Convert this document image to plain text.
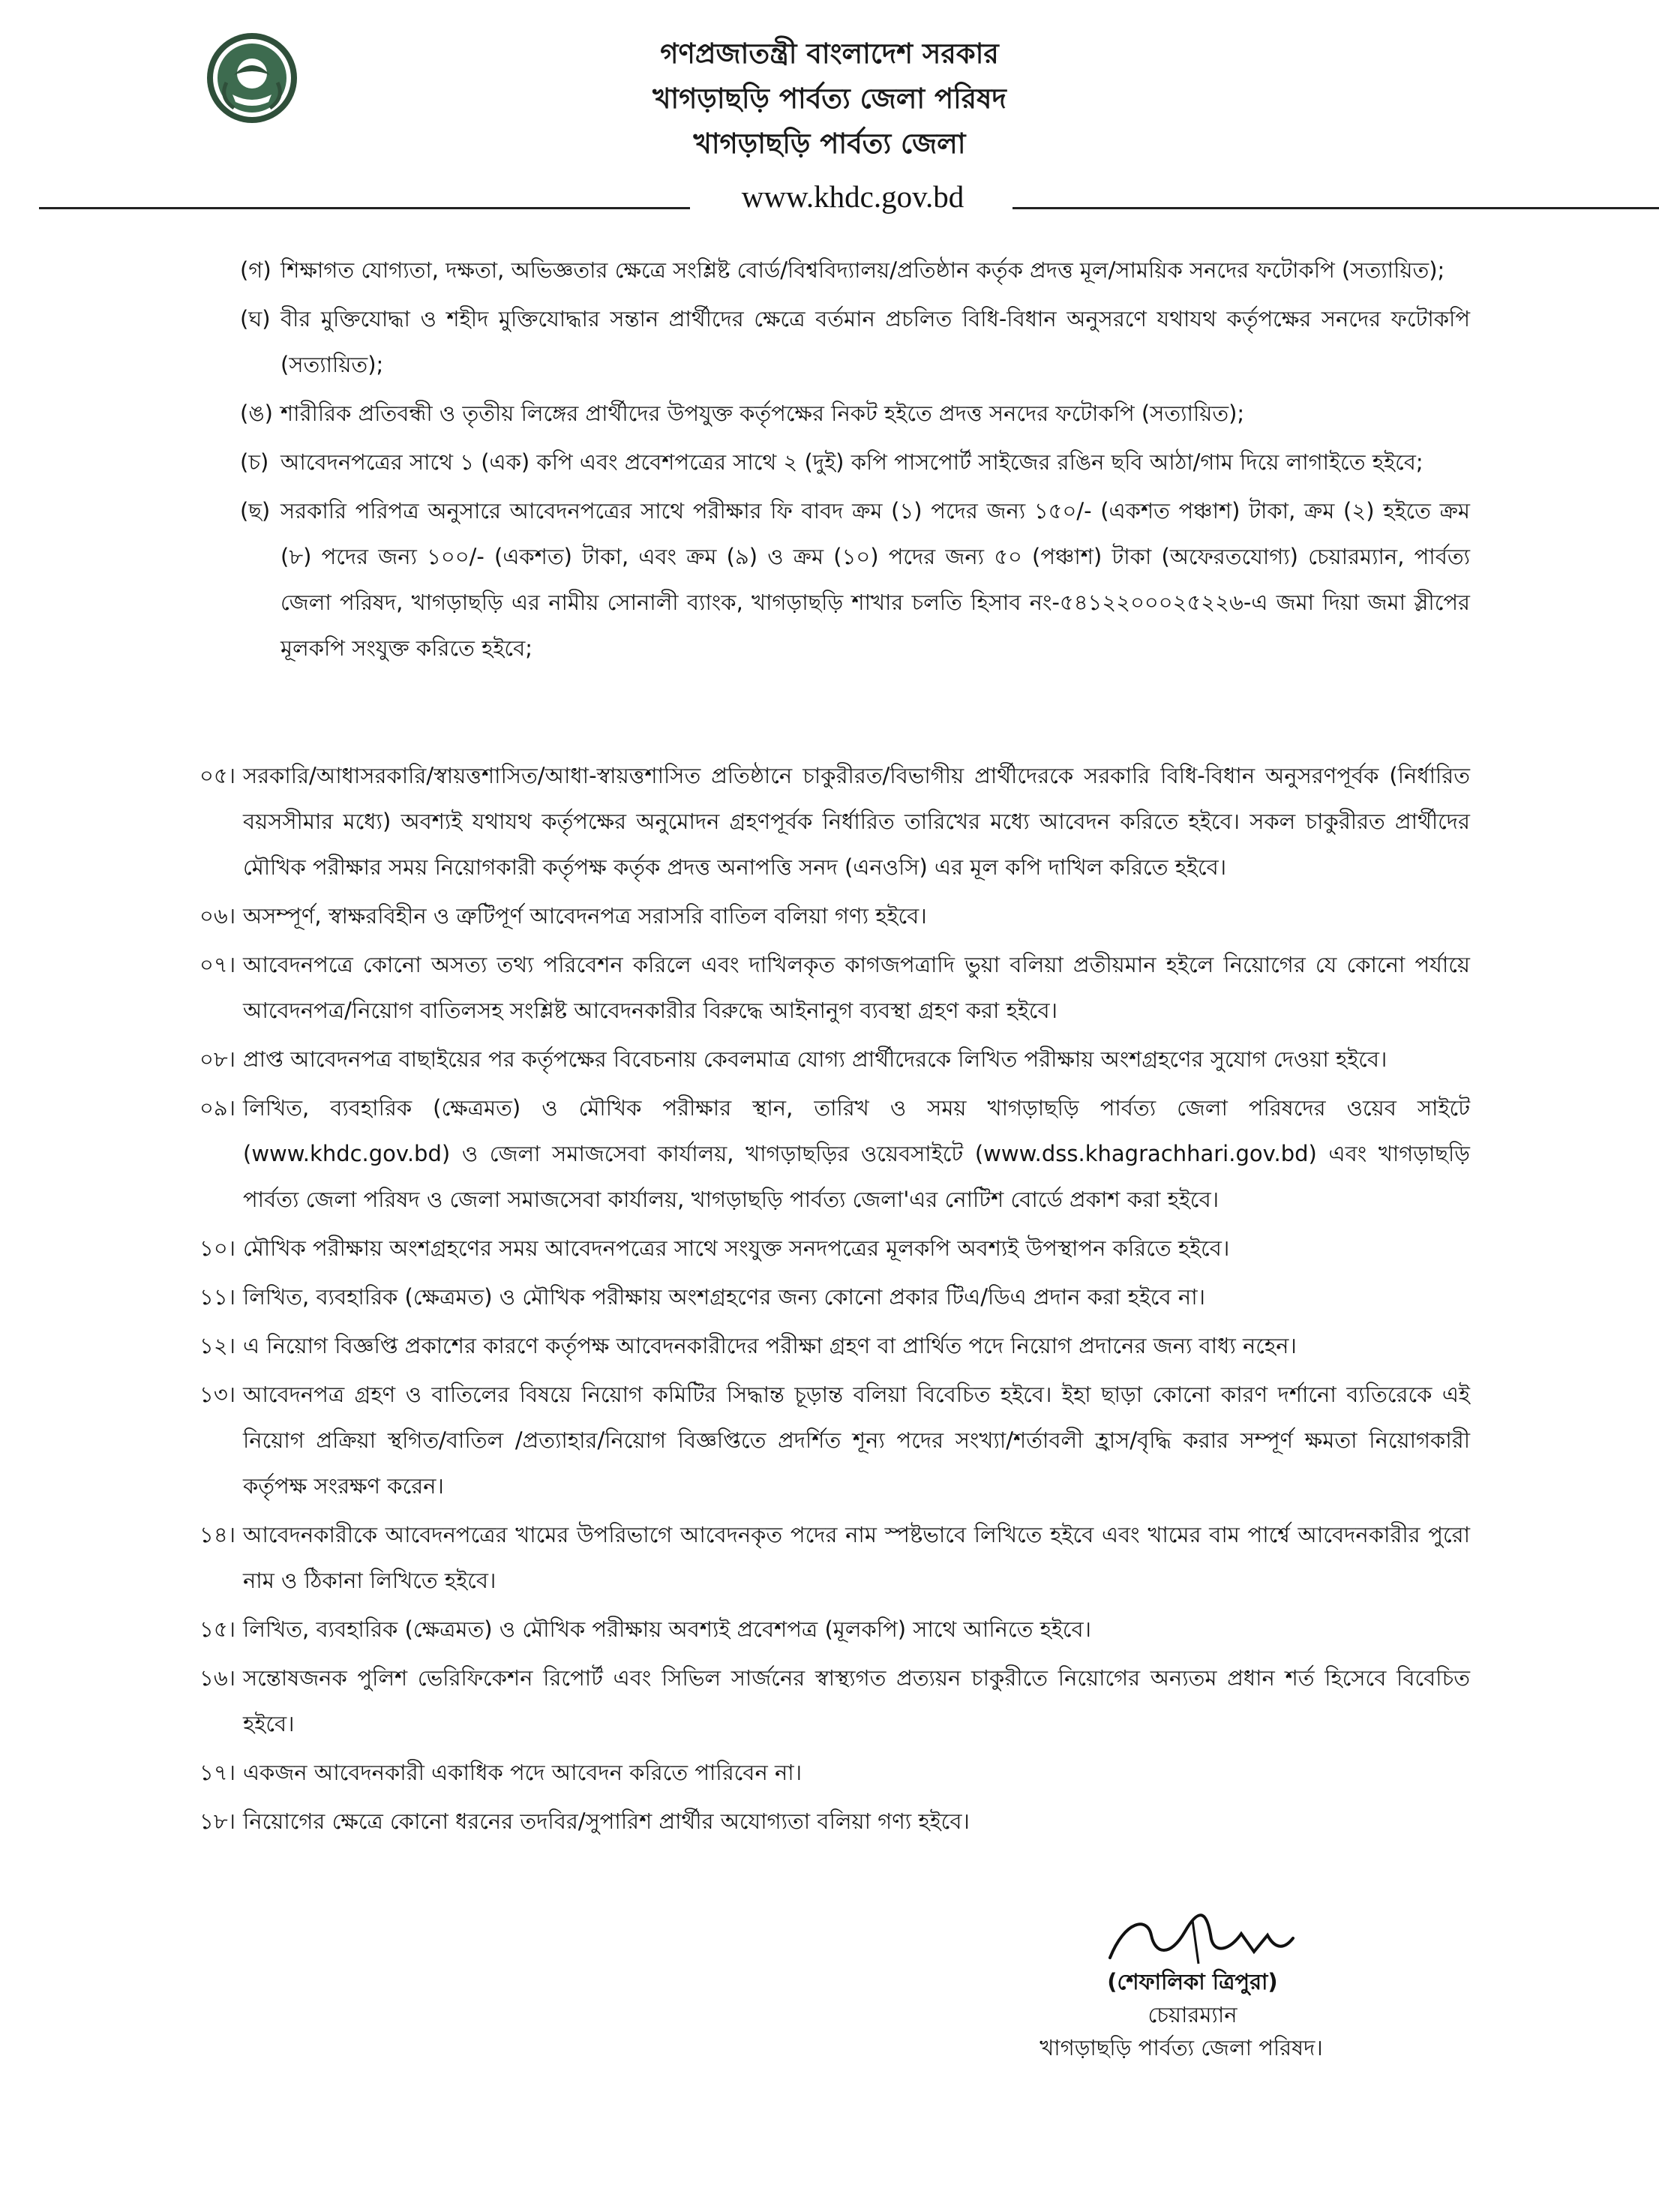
গণপ্রজাতন্ত্রী বাংলাদেশ সরকার
খাগড়াছড়ি পার্বত্য জেলা পরিষদ
খাগড়াছড়ি পার্বত্য জেলা
www.khdc.gov.bd
(গ) শিক্ষাগত যোগ্যতা, দক্ষতা, অভিজ্ঞতার ক্ষেত্রে সংশ্লিষ্ট বোর্ড/বিশ্ববিদ্যালয়/প্রতিষ্ঠান কর্তৃক প্রদত্ত মূল/সাময়িক সনদের ফটোকপি (সত্যায়িত);
(ঘ) বীর মুক্তিযোদ্ধা ও শহীদ মুক্তিযোদ্ধার সন্তান প্রার্থীদের ক্ষেত্রে বর্তমান প্রচলিত বিধি-বিধান অনুসরণে যথাযথ কর্তৃপক্ষের সনদের ফটোকপি (সত্যায়িত);
(ঙ) শারীরিক প্রতিবন্ধী ও তৃতীয় লিঙ্গের প্রার্থীদের উপযুক্ত কর্তৃপক্ষের নিকট হইতে প্রদত্ত সনদের ফটোকপি (সত্যায়িত);
(চ) আবেদনপত্রের সাথে ১ (এক) কপি এবং প্রবেশপত্রের সাথে ২ (দুই) কপি পাসপোর্ট সাইজের রঙিন ছবি আঠা/গাম দিয়ে লাগাইতে হইবে;
(ছ) সরকারি পরিপত্র অনুসারে আবেদনপত্রের সাথে পরীক্ষার ফি বাবদ ক্রম (১) পদের জন্য ১৫০/- (একশত পঞ্চাশ) টাকা, ক্রম (২) হইতে ক্রম (৮) পদের জন্য ১০০/- (একশত) টাকা, এবং ক্রম (৯) ও ক্রম (১০) পদের জন্য ৫০ (পঞ্চাশ) টাকা (অফেরতযোগ্য) চেয়ারম্যান, পার্বত্য জেলা পরিষদ, খাগড়াছড়ি এর নামীয় সোনালী ব্যাংক, খাগড়াছড়ি শাখার চলতি হিসাব নং-৫৪১২২০০০২৫২২৬-এ জমা দিয়া জমা স্লীপের মূলকপি সংযুক্ত করিতে হইবে;
০৫। সরকারি/আধাসরকারি/স্বায়ত্তশাসিত/আধা-স্বায়ত্তশাসিত প্রতিষ্ঠানে চাকুরীরত/বিভাগীয় প্রার্থীদেরকে সরকারি বিধি-বিধান অনুসরণপূর্বক (নির্ধারিত বয়সসীমার মধ্যে) অবশ্যই যথাযথ কর্তৃপক্ষের অনুমোদন গ্রহণপূর্বক নির্ধারিত তারিখের মধ্যে আবেদন করিতে হইবে। সকল চাকুরীরত প্রার্থীদের মৌখিক পরীক্ষার সময় নিয়োগকারী কর্তৃপক্ষ কর্তৃক প্রদত্ত অনাপত্তি সনদ (এনওসি) এর মূল কপি দাখিল করিতে হইবে।
০৬। অসম্পূর্ণ, স্বাক্ষরবিহীন ও ত্রুটিপূর্ণ আবেদনপত্র সরাসরি বাতিল বলিয়া গণ্য হইবে।
০৭। আবেদনপত্রে কোনো অসত্য তথ্য পরিবেশন করিলে এবং দাখিলকৃত কাগজপত্রাদি ভুয়া বলিয়া প্রতীয়মান হইলে নিয়োগের যে কোনো পর্যায়ে আবেদনপত্র/নিয়োগ বাতিলসহ সংশ্লিষ্ট আবেদনকারীর বিরুদ্ধে আইনানুগ ব্যবস্থা গ্রহণ করা হইবে।
০৮। প্রাপ্ত আবেদনপত্র বাছাইয়ের পর কর্তৃপক্ষের বিবেচনায় কেবলমাত্র যোগ্য প্রার্থীদেরকে লিখিত পরীক্ষায় অংশগ্রহণের সুযোগ দেওয়া হইবে।
০৯। লিখিত, ব্যবহারিক (ক্ষেত্রমত) ও মৌখিক পরীক্ষার স্থান, তারিখ ও সময় খাগড়াছড়ি পার্বত্য জেলা পরিষদের ওয়েব সাইটে (www.khdc.gov.bd) ও জেলা সমাজসেবা কার্যালয়, খাগড়াছড়ির ওয়েবসাইটে (www.dss.khagrachhari.gov.bd) এবং খাগড়াছড়ি পার্বত্য জেলা পরিষদ ও জেলা সমাজসেবা কার্যালয়, খাগড়াছড়ি পার্বত্য জেলা'এর নোটিশ বোর্ডে প্রকাশ করা হইবে।
১০। মৌখিক পরীক্ষায় অংশগ্রহণের সময় আবেদনপত্রের সাথে সংযুক্ত সনদপত্রের মূলকপি অবশ্যই উপস্থাপন করিতে হইবে।
১১। লিখিত, ব্যবহারিক (ক্ষেত্রমত) ও মৌখিক পরীক্ষায় অংশগ্রহণের জন্য কোনো প্রকার টিএ/ডিএ প্রদান করা হইবে না।
১২। এ নিয়োগ বিজ্ঞপ্তি প্রকাশের কারণে কর্তৃপক্ষ আবেদনকারীদের পরীক্ষা গ্রহণ বা প্রার্থিত পদে নিয়োগ প্রদানের জন্য বাধ্য নহেন।
১৩। আবেদনপত্র গ্রহণ ও বাতিলের বিষয়ে নিয়োগ কমিটির সিদ্ধান্ত চূড়ান্ত বলিয়া বিবেচিত হইবে। ইহা ছাড়া কোনো কারণ দর্শানো ব্যতিরেকে এই নিয়োগ প্রক্রিয়া স্থগিত/বাতিল /প্রত্যাহার/নিয়োগ বিজ্ঞপ্তিতে প্রদর্শিত শূন্য পদের সংখ্যা/শর্তাবলী হ্রাস/বৃদ্ধি করার সম্পূর্ণ ক্ষমতা নিয়োগকারী কর্তৃপক্ষ সংরক্ষণ করেন।
১৪। আবেদনকারীকে আবেদনপত্রের খামের উপরিভাগে আবেদনকৃত পদের নাম স্পষ্টভাবে লিখিতে হইবে এবং খামের বাম পার্শ্বে আবেদনকারীর পুরো নাম ও ঠিকানা লিখিতে হইবে।
১৫। লিখিত, ব্যবহারিক (ক্ষেত্রমত) ও মৌখিক পরীক্ষায় অবশ্যই প্রবেশপত্র (মূলকপি) সাথে আনিতে হইবে।
১৬। সন্তোষজনক পুলিশ ভেরিফিকেশন রিপোর্ট এবং সিভিল সার্জনের স্বাস্থ্যগত প্রত্যয়ন চাকুরীতে নিয়োগের অন্যতম প্রধান শর্ত হিসেবে বিবেচিত হইবে।
১৭। একজন আবেদনকারী একাধিক পদে আবেদন করিতে পারিবেন না।
১৮। নিয়োগের ক্ষেত্রে কোনো ধরনের তদবির/সুপারিশ প্রার্থীর অযোগ্যতা বলিয়া গণ্য হইবে।
(শেফালিকা ত্রিপুরা)
চেয়ারম্যান
খাগড়াছড়ি পার্বত্য জেলা পরিষদ।
